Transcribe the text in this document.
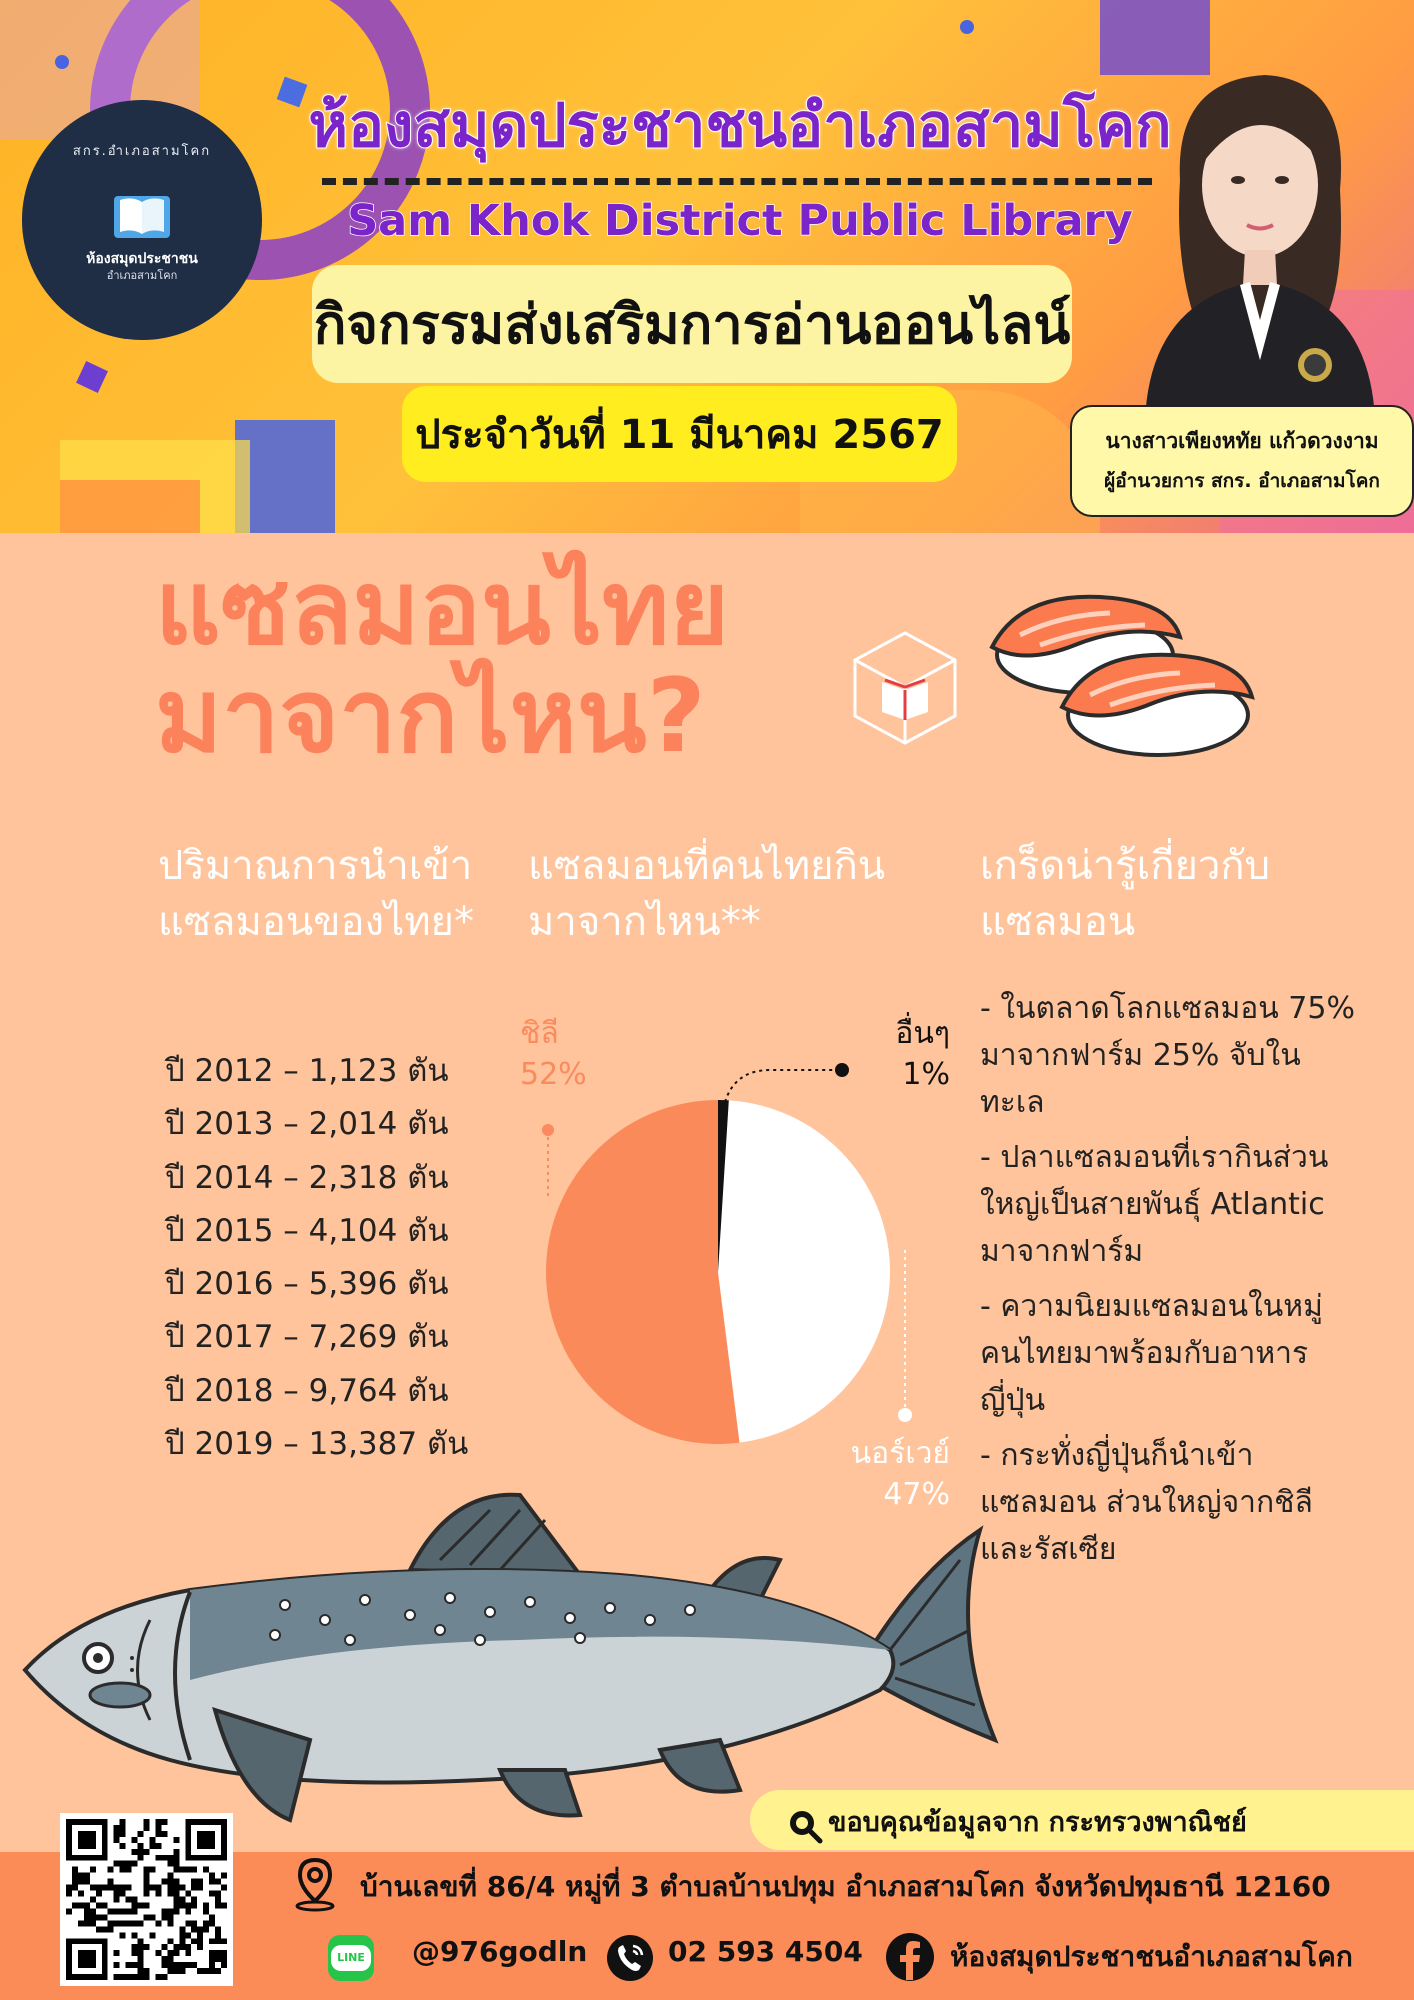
สกร.อำเภอสามโคก
ห้องสมุดประชาชน
อำเภอสามโคก
ห้องสมุดประชาชนอำเภอสามโคก
Sam Khok District Public Library
กิจกรรมส่งเสริมการอ่านออนไลน์
ประจำวันที่ 11 มีนาคม 2567	นางสาวเพียงหทัย แก้วดวงงาม
ผู้อำนวยการ สกร. อำเภอสามโคก
แซลมอนไทย
มาจากไหน?
ปริมาณการนำเข้าแซลมอนของไทย*
แซลมอนที่คนไทยกินมาจากไหน**
เกร็ดน่ารู้เกี่ยวกับแซลมอน
ปี 2012 – 1,123 ตัน
ปี 2013 – 2,014 ตัน
ปี 2014 – 2,318 ตัน
ปี 2015 – 4,104 ตัน
ปี 2016 – 5,396 ตัน
ปี 2017 – 7,269 ตัน
ปี 2018 – 9,764 ตัน
ปี 2019 – 13,387 ตัน
ชิลี
52%
อื่นๆ
1%
นอร์เวย์
47%
- ในตลาดโลกแซลมอน 75% มาจากฟาร์ม 25% จับในทะเล
- ปลาแซลมอนที่เรากินส่วนใหญ่เป็นสายพันธุ์ Atlantic มาจากฟาร์ม
- ความนิยมแซลมอนในหมู่คนไทยมาพร้อมกับอาหารญี่ปุ่น
- กระทั่งญี่ปุ่นก็นำเข้าแซลมอน ส่วนใหญ่จากชิลีและรัสเซีย
ขอบคุณข้อมูลจาก กระทรวงพาณิชย์
บ้านเลขที่ 86/4 หมู่ที่ 3 ตำบลบ้านปทุม อำเภอสามโคก จังหวัดปทุมธานี 12160
LINE @976godln	02 593 4504	ห้องสมุดประชาชนอำเภอสามโคก
